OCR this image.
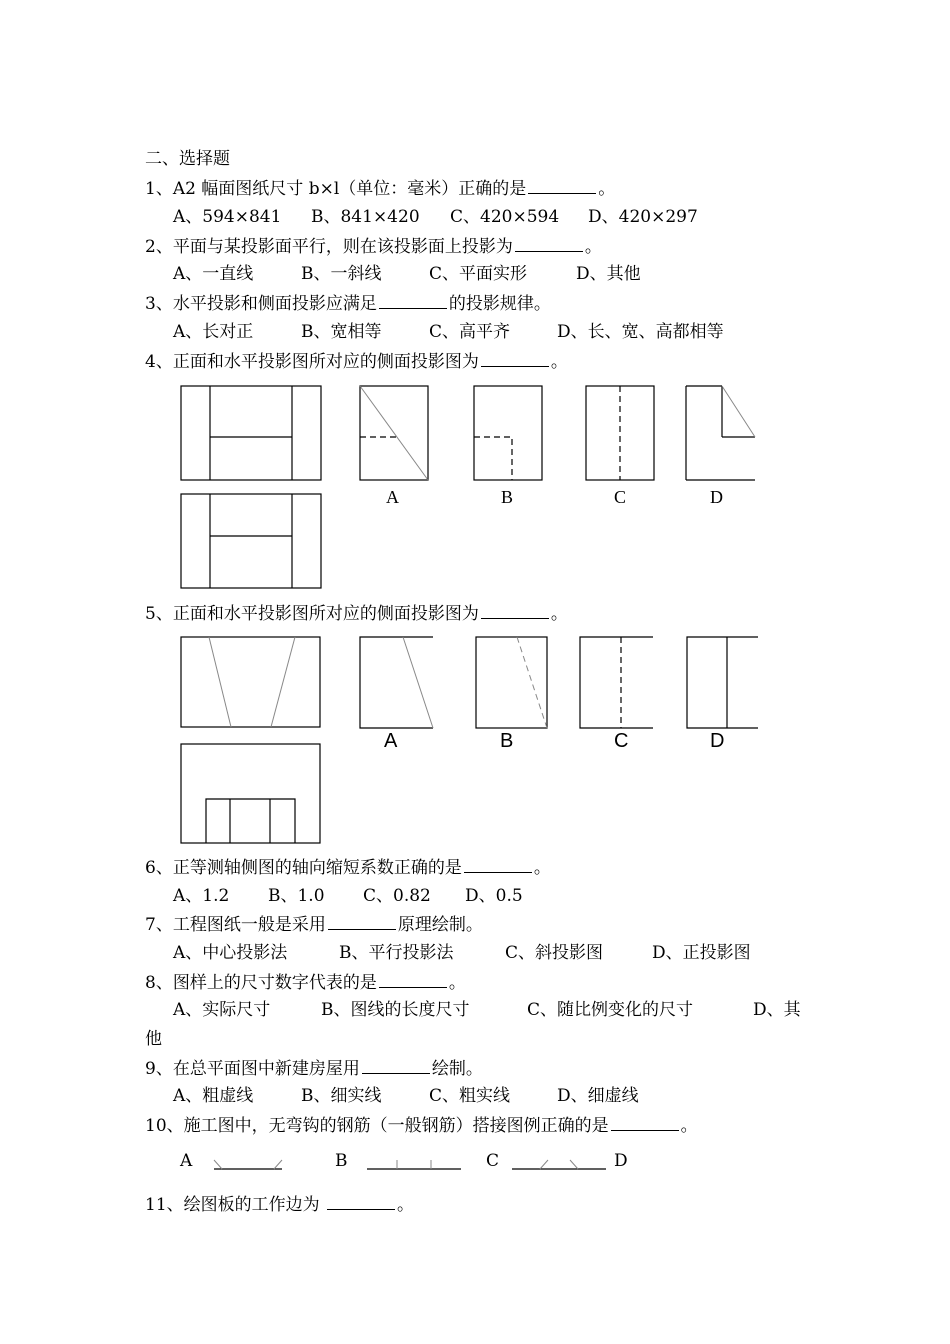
二、选择题
1、A2 幅面图纸尺寸 b×l（单位：毫米）正确的是	。
A、594×841 B、841×420 C、420×594 D、420×297
2、平面与某投影面平行，则在该投影面上投影为	。
A、一直线	B、一斜线	C、平面实形	D、其他
3、水平投影和侧面投影应满足	的投影规律。
A、长对正	B、宽相等	C、高平齐	D、长、宽、高都相等
4、正面和水平投影图所对应的侧面投影图为	。
A	B	C	D
5、正面和水平投影图所对应的侧面投影图为	。
A	B	C	D
6、正等测轴侧图的轴向缩短系数正确的是	。
A、1.2 B、1.0 C、0.82 D、0.5
7、工程图纸一般是采用	原理绘制。
A、中心投影法	B、平行投影法	C、斜投影图	D、正投影图
8、图样上的尺寸数字代表的是	。
A、实际尺寸	B、图线的长度尺寸	C、随比例变化的尺寸	D、其
他
9、在总平面图中新建房屋用	绘制。
A、粗虚线	B、细实线	C、粗实线	D、细虚线
10、施工图中，无弯钩的钢筋（一般钢筋）搭接图例正确的是	。
A	B	C	D
11、绘图板的工作边为	。
